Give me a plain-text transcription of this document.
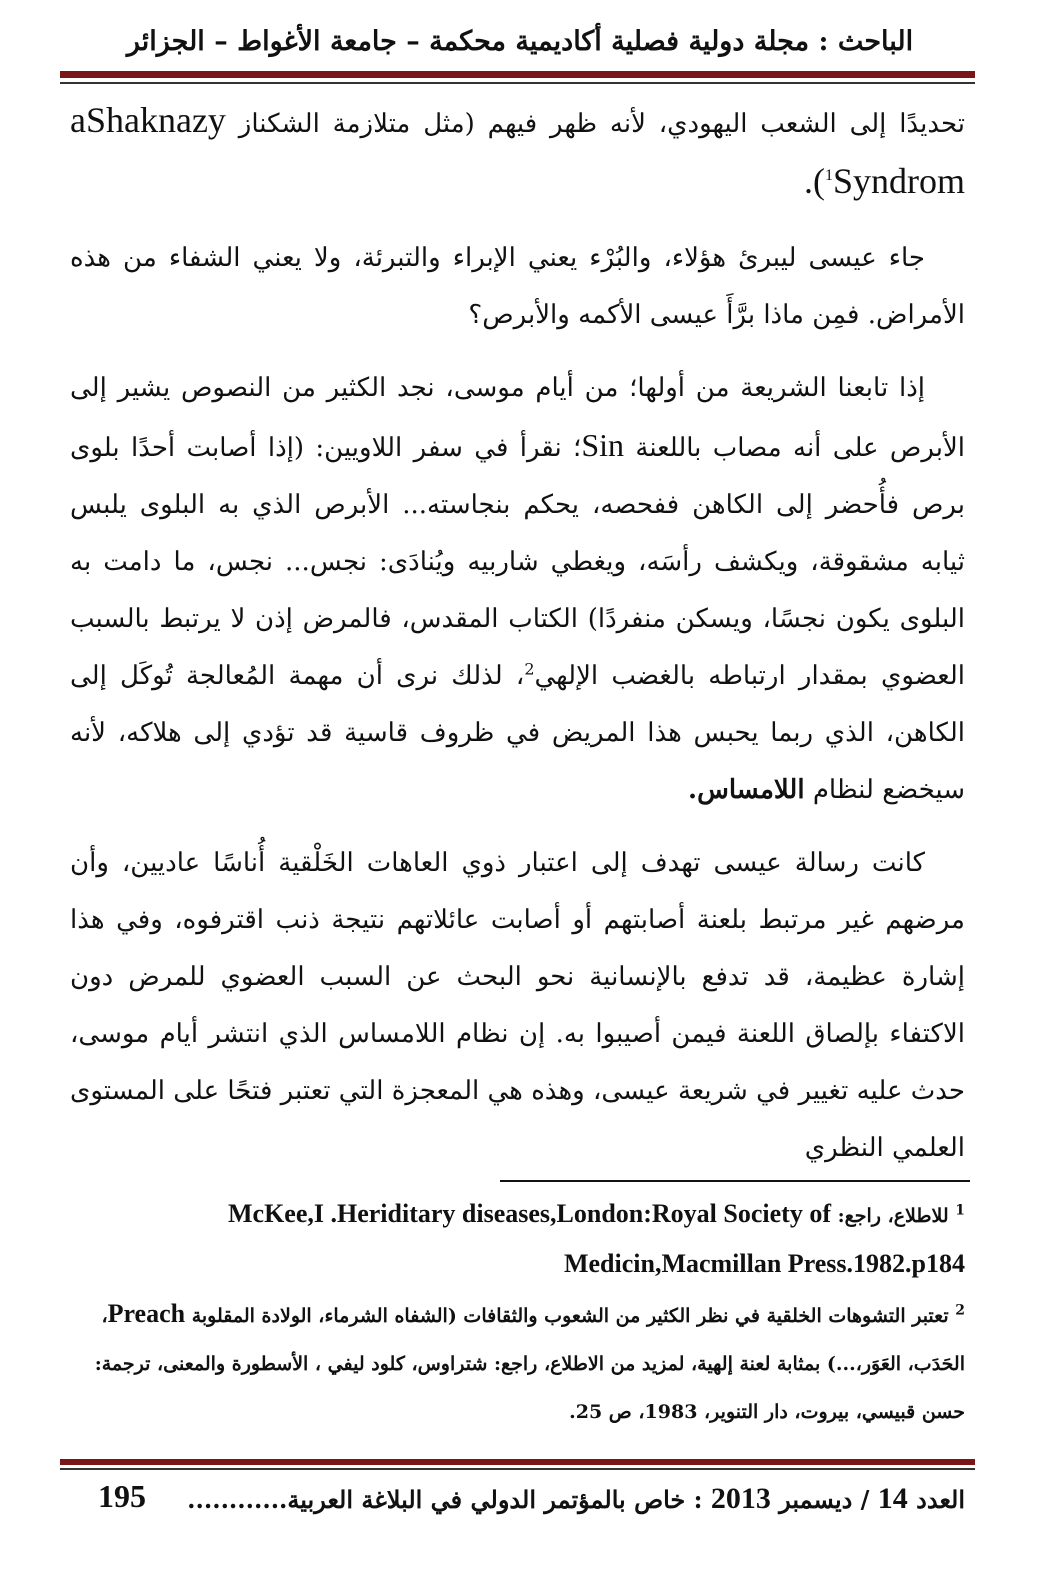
الباحث : مجلة دولية فصلية أكاديمية محكمة – جامعة الأغواط – الجزائر

تحديدًا إلى الشعب اليهودي، لأنه ظهر فيهم (مثل متلازمة الشكناز aShaknazy $^1$Syndrom).

جاء عيسى ليبرئ هؤلاء، والبُرْء يعني الإبراء والتبرئة، ولا يعني الشفاء من هذه الأمراض. فمِن ماذا برَّأَ عيسى الأكمه والأبرص؟

إذا تابعنا الشريعة من أولها؛ من أيام موسى، نجد الكثير من النصوص يشير إلى الأبرص على أنه مصاب باللعنة Sin؛ نقرأ في سفر اللاويين: (إذا أصابت أحدًا بلوى برص فأُحضر إلى الكاهن ففحصه، يحكم بنجاسته... الأبرص الذي به البلوى يلبس ثيابه مشقوقة، ويكشف رأسَه، ويغطي شاربيه ويُنادَى: نجس... نجس، ما دامت به البلوى يكون نجسًا، ويسكن منفردًا) الكتاب المقدس، فالمرض إذن لا يرتبط بالسبب العضوي بمقدار ارتباطه بالغضب الإلهي$^2$، لذلك نرى أن مهمة المُعالجة تُوكَل إلى الكاهن، الذي ربما يحبس هذا المريض في ظروف قاسية قد تؤدي إلى هلاكه، لأنه سيخضع لنظام اللامساس.

كانت رسالة عيسى تهدف إلى اعتبار ذوي العاهات الخَلْقية أُناسًا عاديين، وأن مرضهم غير مرتبط بلعنة أصابتهم أو أصابت عائلاتهم نتيجة ذنب اقترفوه، وفي هذا إشارة عظيمة، قد تدفع بالإنسانية نحو البحث عن السبب العضوي للمرض دون الاكتفاء بإلصاق اللعنة فيمن أصيبوا به. إن نظام اللامساس الذي انتشر أيام موسى، حدث عليه تغيير في شريعة عيسى، وهذه هي المعجزة التي تعتبر فتحًا على المستوى العلمي النظري

$^1$ للاطلاع، راجع: McKee,I .Heriditary diseases,London:Royal Society of Medicin,Macmillan Press.1982.p184

$^2$ تعتبر التشوهات الخلقية في نظر الكثير من الشعوب والثقافات (الشفاه الشرماء، الولادة المقلوبة Preach، الحَدَب، العَوَر،...) بمثابة لعنة إلهية، لمزيد من الاطلاع، راجع: شتراوس، كلود ليفي ، الأسطورة والمعنى، ترجمة: حسن قبيسي، بيروت، دار التنوير، 1983، ص 25.

العدد 14 / ديسمبر 2013 : خاص بالمؤتمر الدولي في البلاغة العربية............
195
